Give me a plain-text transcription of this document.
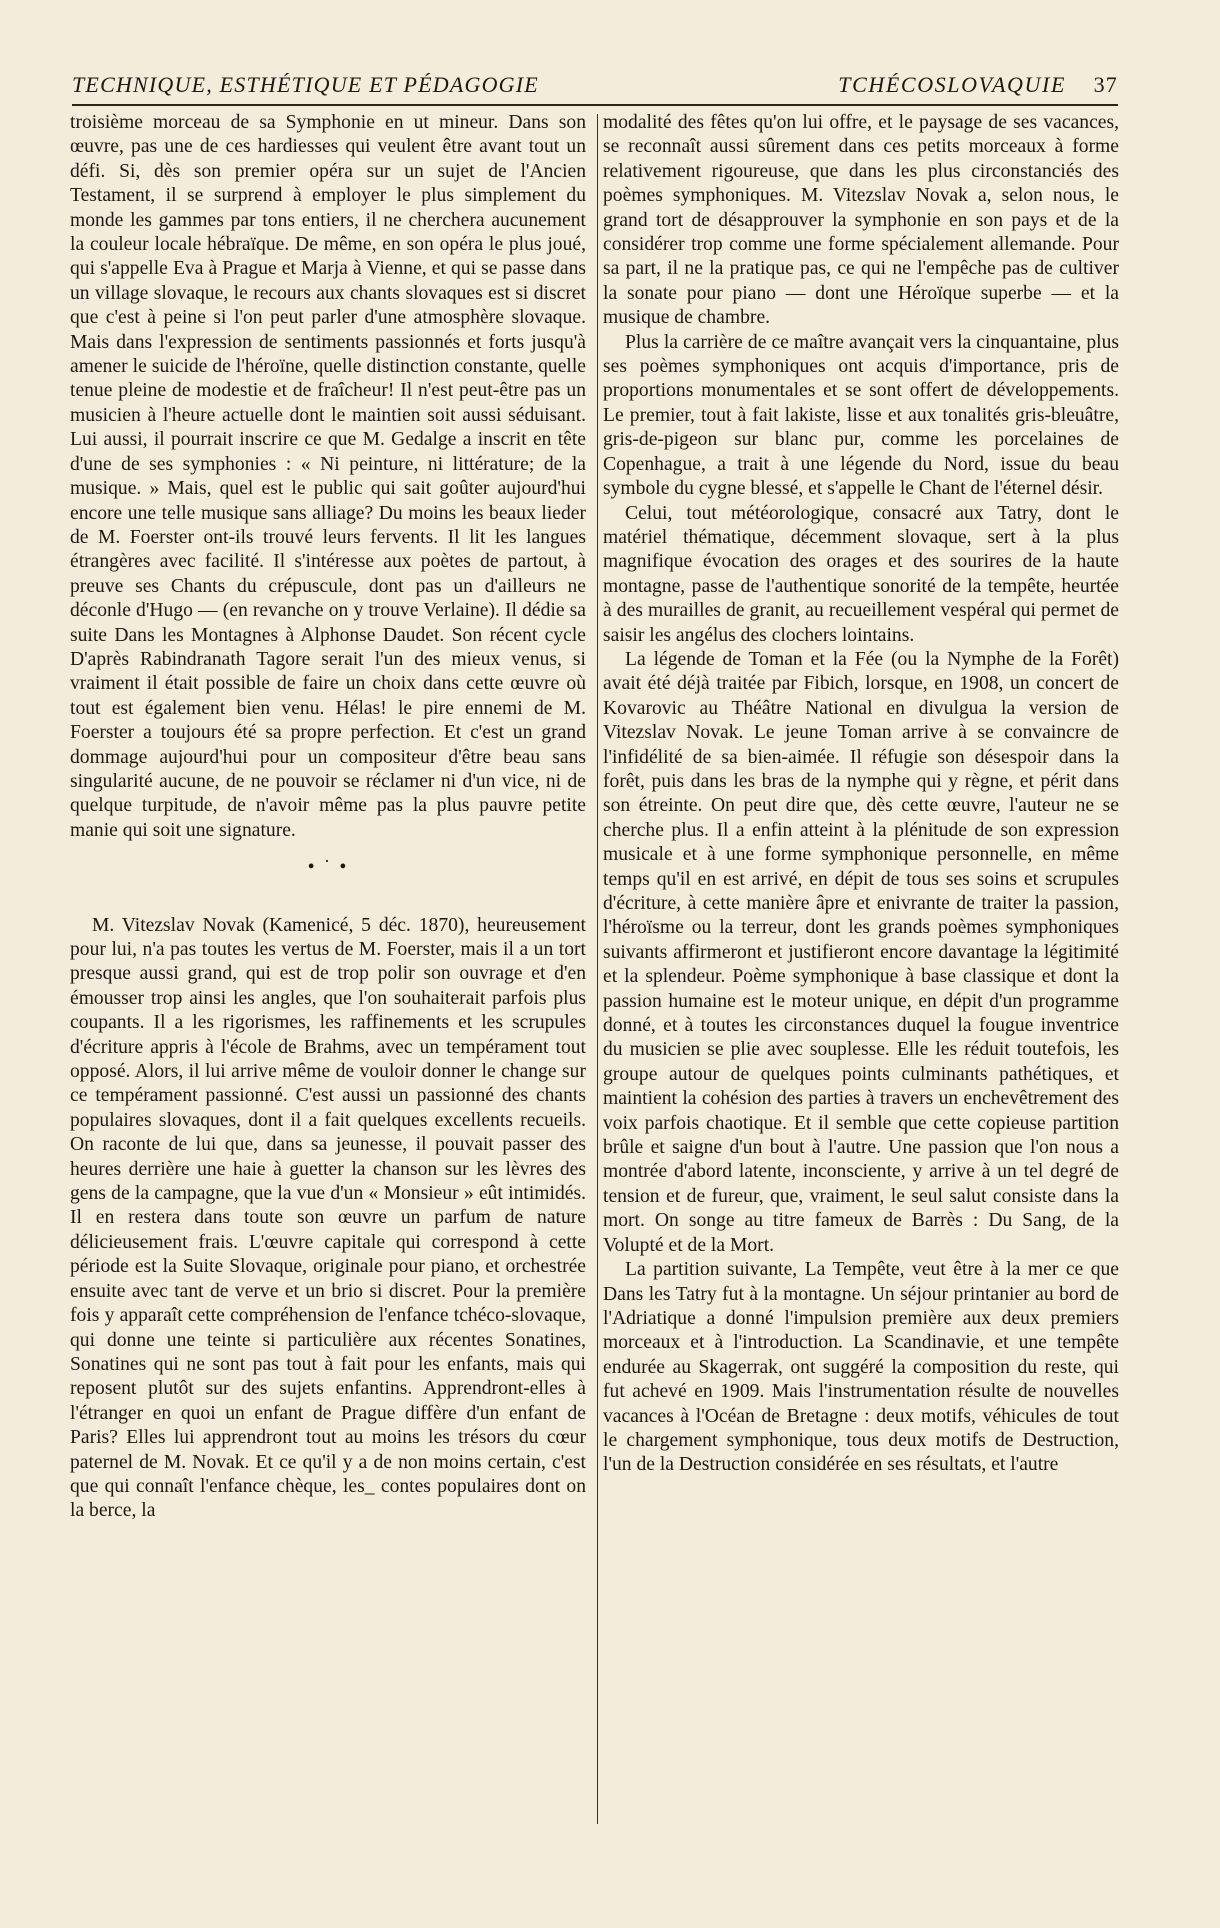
TECHNIQUE, ESTHÉTIQUE ET PÉDAGOGIE	TCHÉCOSLOVAQUIE 37

troisième morceau de sa Symphonie en ut mineur. Dans son œuvre, pas une de ces hardiesses qui veulent être avant tout un défi. Si, dès son premier opéra sur un sujet de l'Ancien Testament, il se surprend à employer le plus simplement du monde les gammes par tons entiers, il ne cherchera aucunement la couleur locale hébraïque. De même, en son opéra le plus joué, qui s'appelle Eva à Prague et Marja à Vienne, et qui se passe dans un village slovaque, le recours aux chants slovaques est si discret que c'est à peine si l'on peut parler d'une atmosphère slovaque. Mais dans l'expression de sentiments passionnés et forts jusqu'à amener le suicide de l'héroïne, quelle distinction constante, quelle tenue pleine de modestie et de fraîcheur! Il n'est peut-être pas un musicien à l'heure actuelle dont le maintien soit aussi séduisant. Lui aussi, il pourrait inscrire ce que M. Gedalge a inscrit en tête d'une de ses symphonies : « Ni peinture, ni littérature; de la musique. » Mais, quel est le public qui sait goûter aujourd'hui encore une telle musique sans alliage? Du moins les beaux lieder de M. Foerster ont-ils trouvé leurs fervents. Il lit les langues étrangères avec facilité. Il s'intéresse aux poètes de partout, à preuve ses Chants du crépuscule, dont pas un d'ailleurs ne déconle d'Hugo — (en revanche on y trouve Verlaine). Il dédie sa suite Dans les Montagnes à Alphonse Daudet. Son récent cycle D'après Rabindranath Tagore serait l'un des mieux venus, si vraiment il était possible de faire un choix dans cette œuvre où tout est également bien venu. Hélas! le pire ennemi de M. Foerster a toujours été sa propre perfection. Et c'est un grand dommage aujourd'hui pour un compositeur d'être beau sans singularité aucune, de ne pouvoir se réclamer ni d'un vice, ni de quelque turpitude, de n'avoir même pas la plus pauvre petite manie qui soit une signature.

• ˙ •

M. Vitezslav Novak (Kamenicé, 5 déc. 1870), heureusement pour lui, n'a pas toutes les vertus de M. Foerster, mais il a un tort presque aussi grand, qui est de trop polir son ouvrage et d'en émousser trop ainsi les angles, que l'on souhaiterait parfois plus coupants. Il a les rigorismes, les raffinements et les scrupules d'écriture appris à l'école de Brahms, avec un tempérament tout opposé. Alors, il lui arrive même de vouloir donner le change sur ce tempérament passionné. C'est aussi un passionné des chants populaires slovaques, dont il a fait quelques excellents recueils. On raconte de lui que, dans sa jeunesse, il pouvait passer des heures derrière une haie à guetter la chanson sur les lèvres des gens de la campagne, que la vue d'un « Monsieur » eût intimidés. Il en restera dans toute son œuvre un parfum de nature délicieusement frais. L'œuvre capitale qui correspond à cette période est la Suite Slovaque, originale pour piano, et orchestrée ensuite avec tant de verve et un brio si discret. Pour la première fois y apparaît cette compréhension de l'enfance tchéco-slovaque, qui donne une teinte si particulière aux récentes Sonatines, Sonatines qui ne sont pas tout à fait pour les enfants, mais qui reposent plutôt sur des sujets enfantins. Apprendront-elles à l'étranger en quoi un enfant de Prague diffère d'un enfant de Paris? Elles lui apprendront tout au moins les trésors du cœur paternel de M. Novak. Et ce qu'il y a de non moins certain, c'est que qui connaît l'enfance chèque, les_ contes populaires dont on la berce, la

modalité des fêtes qu'on lui offre, et le paysage de ses vacances, se reconnaît aussi sûrement dans ces petits morceaux à forme relativement rigoureuse, que dans les plus circonstanciés des poèmes symphoniques. M. Vitezslav Novak a, selon nous, le grand tort de désapprouver la symphonie en son pays et de la considérer trop comme une forme spécialement allemande. Pour sa part, il ne la pratique pas, ce qui ne l'empêche pas de cultiver la sonate pour piano — dont une Héroïque superbe — et la musique de chambre.

Plus la carrière de ce maître avançait vers la cinquantaine, plus ses poèmes symphoniques ont acquis d'importance, pris de proportions monumentales et se sont offert de développements. Le premier, tout à fait lakiste, lisse et aux tonalités gris-bleuâtre, gris-de-pigeon sur blanc pur, comme les porcelaines de Copenhague, a trait à une légende du Nord, issue du beau symbole du cygne blessé, et s'appelle le Chant de l'éternel désir.

Celui, tout météorologique, consacré aux Tatry, dont le matériel thématique, décemment slovaque, sert à la plus magnifique évocation des orages et des sourires de la haute montagne, passe de l'authentique sonorité de la tempête, heurtée à des murailles de granit, au recueillement vespéral qui permet de saisir les angélus des clochers lointains.

La légende de Toman et la Fée (ou la Nymphe de la Forêt) avait été déjà traitée par Fibich, lorsque, en 1908, un concert de Kovarovic au Théâtre National en divulgua la version de Vitezslav Novak. Le jeune Toman arrive à se convaincre de l'infidélité de sa bien-aimée. Il réfugie son désespoir dans la forêt, puis dans les bras de la nymphe qui y règne, et périt dans son étreinte. On peut dire que, dès cette œuvre, l'auteur ne se cherche plus. Il a enfin atteint à la plénitude de son expression musicale et à une forme symphonique personnelle, en même temps qu'il en est arrivé, en dépit de tous ses soins et scrupules d'écriture, à cette manière âpre et enivrante de traiter la passion, l'héroïsme ou la terreur, dont les grands poèmes symphoniques suivants affirmeront et justifieront encore davantage la légitimité et la splendeur. Poème symphonique à base classique et dont la passion humaine est le moteur unique, en dépit d'un programme donné, et à toutes les circonstances duquel la fougue inventrice du musicien se plie avec souplesse. Elle les réduit toutefois, les groupe autour de quelques points culminants pathétiques, et maintient la cohésion des parties à travers un enchevêtrement des voix parfois chaotique. Et il semble que cette copieuse partition brûle et saigne d'un bout à l'autre. Une passion que l'on nous a montrée d'abord latente, inconsciente, y arrive à un tel degré de tension et de fureur, que, vraiment, le seul salut consiste dans la mort. On songe au titre fameux de Barrès : Du Sang, de la Volupté et de la Mort.

La partition suivante, La Tempête, veut être à la mer ce que Dans les Tatry fut à la montagne. Un séjour printanier au bord de l'Adriatique a donné l'impulsion première aux deux premiers morceaux et à l'introduction. La Scandinavie, et une tempête endurée au Skagerrak, ont suggéré la composition du reste, qui fut achevé en 1909. Mais l'instrumentation résulte de nouvelles vacances à l'Océan de Bretagne : deux motifs, véhicules de tout le chargement symphonique, tous deux motifs de Destruction, l'un de la Destruction considérée en ses résultats, et l'autre
